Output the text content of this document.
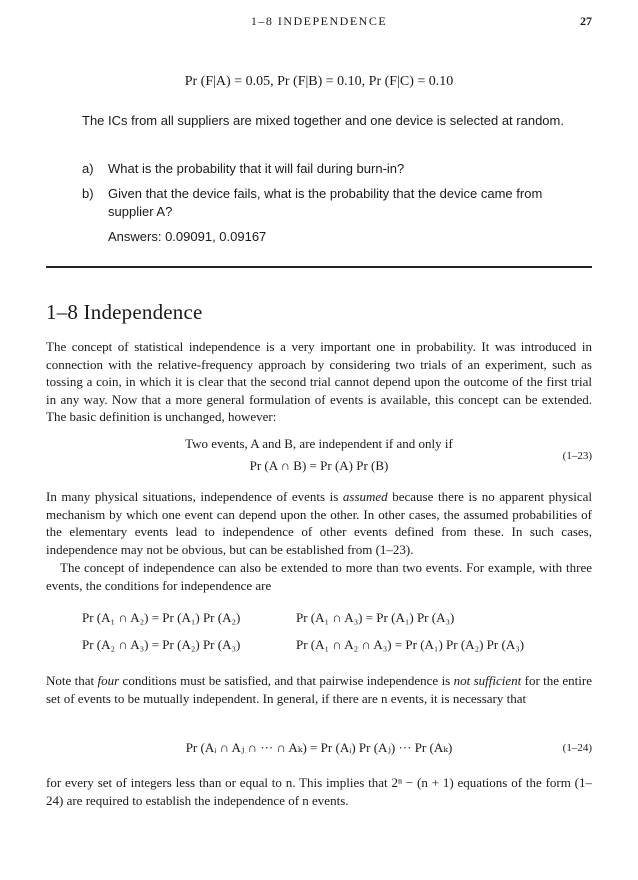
1–8 INDEPENDENCE	27
Pr (F|A) = 0.05, Pr (F|B) = 0.10, Pr (F|C) = 0.10
The ICs from all suppliers are mixed together and one device is selected at random.
a)	What is the probability that it will fail during burn-in?
b)	Given that the device fails, what is the probability that the device came from supplier A?
Answers: 0.09091, 0.09167
1–8 Independence
The concept of statistical independence is a very important one in probability. It was introduced in connection with the relative-frequency approach by considering two trials of an experiment, such as tossing a coin, in which it is clear that the second trial cannot depend upon the outcome of the first trial in any way. Now that a more general formulation of events is available, this concept can be extended. The basic definition is unchanged, however:
Two events, A and B, are independent if and only if
Pr (A ∩ B) = Pr (A) Pr (B)
(1–23)
In many physical situations, independence of events is assumed because there is no apparent physical mechanism by which one event can depend upon the other. In other cases, the assumed probabilities of the elementary events lead to independence of other events defined from these. In such cases, independence may not be obvious, but can be established from (1–23).
The concept of independence can also be extended to more than two events. For example, with three events, the conditions for independence are
Pr (A₁ ∩ A₂) = Pr (A₁) Pr (A₂)	Pr (A₁ ∩ A₃) = Pr (A₁) Pr (A₃)
Pr (A₂ ∩ A₃) = Pr (A₂) Pr (A₃)	Pr (A₁ ∩ A₂ ∩ A₃) = Pr (A₁) Pr (A₂) Pr (A₃)
Note that four conditions must be satisfied, and that pairwise independence is not sufficient for the entire set of events to be mutually independent. In general, if there are n events, it is necessary that
Pr (Aᵢ ∩ Aⱼ ∩ ··· ∩ Aₖ) = Pr (Aᵢ) Pr (Aⱼ) ··· Pr (Aₖ)	(1–24)
for every set of integers less than or equal to n. This implies that 2ⁿ − (n + 1) equations of the form (1–24) are required to establish the independence of n events.
